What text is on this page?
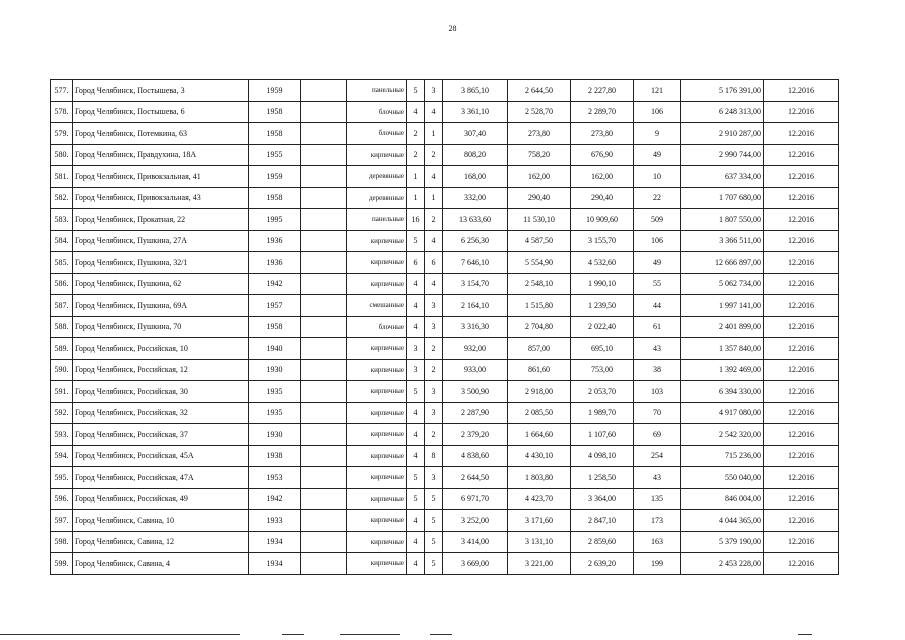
28
577.	Город Челябинск, Постышева, 3	1959		панельные	5	3	3 865,10	2 644,50	2 227,80	121	5 176 391,00	12.2016
578.	Город Челябинск, Постышева, 6	1958		блочные	4	4	3 361,10	2 528,70	2 289,70	106	6 248 313,00	12.2016
579.	Город Челябинск, Потемкина, 63	1958		блочные	2	1	307,40	273,80	273,80	9	2 910 287,00	12.2016
580.	Город Челябинск, Правдухина, 18А	1955		кирпичные	2	2	808,20	758,20	676,90	49	2 990 744,00	12.2016
581.	Город Челябинск, Привокзальная, 41	1959		деревянные	1	4	168,00	162,00	162,00	10	637 334,00	12.2016
582.	Город Челябинск, Привокзальная, 43	1958		деревянные	1	1	332,00	290,40	290,40	22	1 707 680,00	12.2016
583.	Город Челябинск, Прокатная, 22	1995		панельные	16	2	13 633,60	11 530,10	10 909,60	509	1 807 550,00	12.2016
584.	Город Челябинск, Пушкина, 27А	1936		кирпичные	5	4	6 256,30	4 587,50	3 155,70	106	3 366 511,00	12.2016
585.	Город Челябинск, Пушкина, 32/1	1936		кирпичные	6	6	7 646,10	5 554,90	4 532,60	49	12 666 897,00	12.2016
586.	Город Челябинск, Пушкина, 62	1942		кирпичные	4	4	3 154,70	2 548,10	1 990,10	55	5 062 734,00	12.2016
587.	Город Челябинск, Пушкина, 69А	1957		смешанные	4	3	2 164,10	1 515,80	1 239,50	44	1 997 141,00	12.2016
588.	Город Челябинск, Пушкина, 70	1958		блочные	4	3	3 316,30	2 704,80	2 022,40	61	2 401 899,00	12.2016
589.	Город Челябинск, Российская, 10	1940		кирпичные	3	2	932,00	857,00	695,10	43	1 357 840,00	12.2016
590.	Город Челябинск, Российская, 12	1930		кирпичные	3	2	933,00	861,60	753,00	38	1 392 469,00	12.2016
591.	Город Челябинск, Российская, 30	1935		кирпичные	5	3	3 500,90	2 918,00	2 053,70	103	6 394 330,00	12.2016
592.	Город Челябинск, Российская, 32	1935		кирпичные	4	3	2 287,90	2 085,50	1 989,70	70	4 917 080,00	12.2016
593.	Город Челябинск, Российская, 37	1930		кирпичные	4	2	2 379,20	1 664,60	1 107,60	69	2 542 320,00	12.2016
594.	Город Челябинск, Российская, 45А	1938		кирпичные	4	8	4 838,60	4 430,10	4 098,10	254	715 236,00	12.2016
595.	Город Челябинск, Российская, 47А	1953		кирпичные	5	3	2 644,50	1 803,80	1 258,50	43	550 040,00	12.2016
596.	Город Челябинск, Российская, 49	1942		кирпичные	5	5	6 971,70	4 423,70	3 364,00	135	846 004,00	12.2016
597.	Город Челябинск, Савина, 10	1933		кирпичные	4	5	3 252,00	3 171,60	2 847,10	173	4 044 365,00	12.2016
598.	Город Челябинск, Савина, 12	1934		кирпичные	4	5	3 414,00	3 131,10	2 859,60	163	5 379 190,00	12.2016
599.	Город Челябинск, Савина, 4	1934		кирпичные	4	5	3 669,00	3 221,00	2 639,20	199	2 453 228,00	12.2016
